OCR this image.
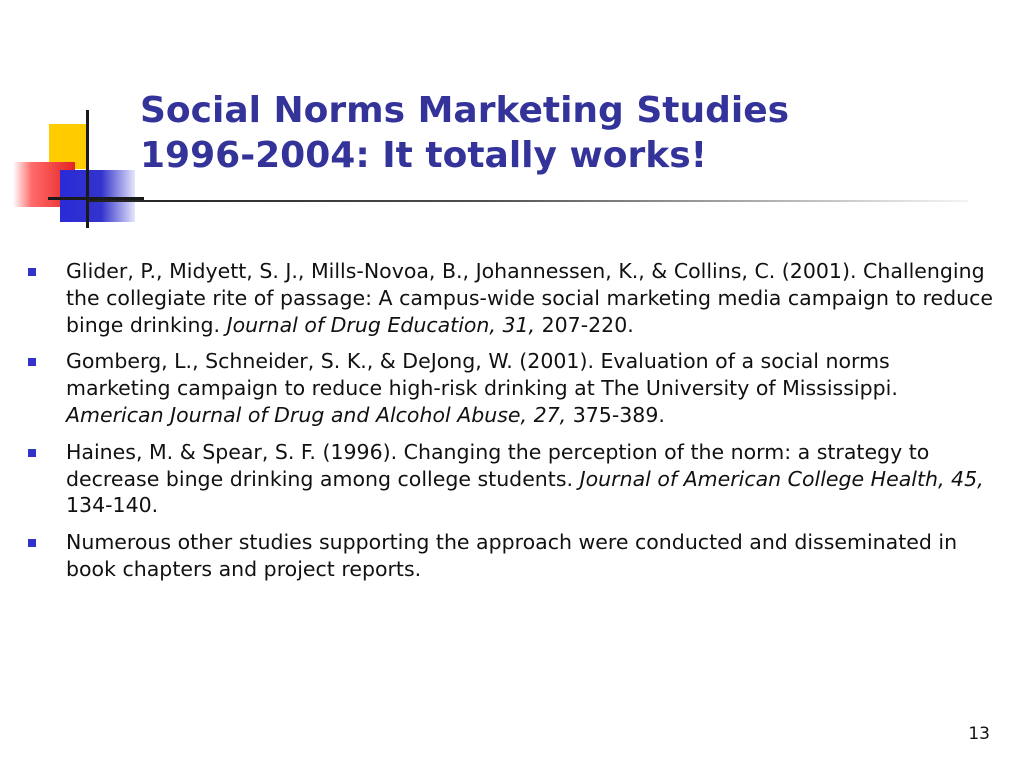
Social Norms Marketing Studies
1996-2004: It totally works!
Glider, P., Midyett, S. J., Mills-Novoa, B., Johannessen, K., & Collins, C. (2001). Challenging the collegiate rite of passage: A campus-wide social marketing media campaign to reduce binge drinking. Journal of Drug Education, 31, 207-220.
Gomberg, L., Schneider, S. K., & DeJong, W. (2001). Evaluation of a social norms marketing campaign to reduce high-risk drinking at The University of Mississippi. American Journal of Drug and Alcohol Abuse, 27, 375-389.
Haines, M. & Spear, S. F. (1996). Changing the perception of the norm: a strategy to decrease binge drinking among college students. Journal of American College Health, 45, 134-140.
Numerous other studies supporting the approach were conducted and disseminated in book chapters and project reports.
13
